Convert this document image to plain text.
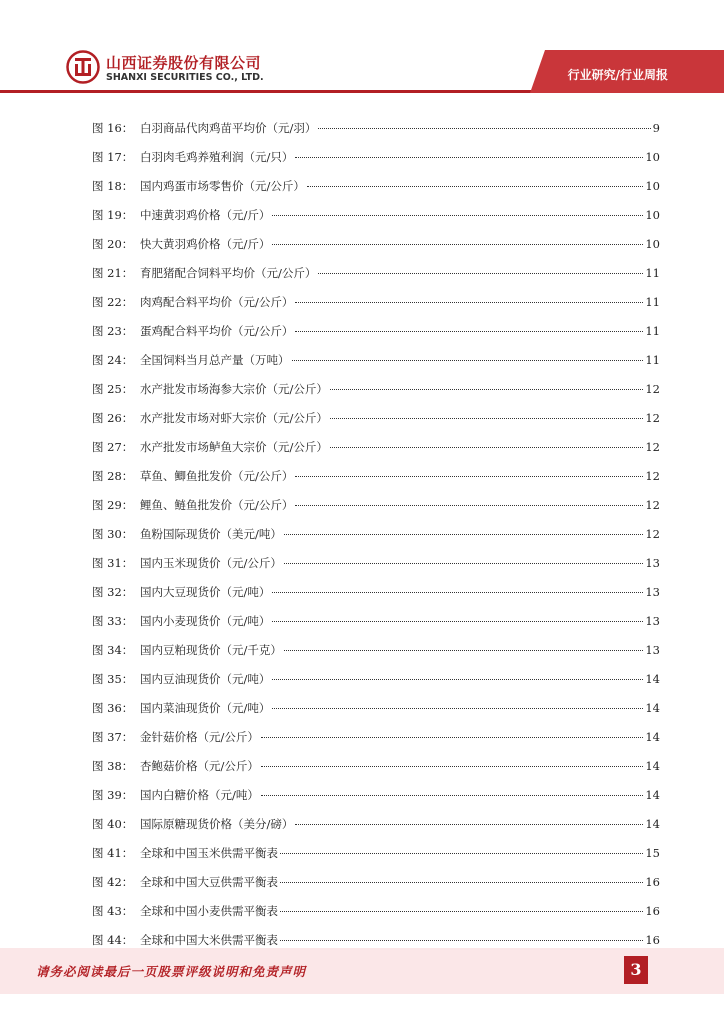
山西证券股份有限公司
SHANXI SECURITIES CO., LTD.	行业研究/行业周报
图 16： 白羽商品代肉鸡苗平均价（元/羽）	9
图 17： 白羽肉毛鸡养殖利润（元/只）	10
图 18： 国内鸡蛋市场零售价（元/公斤）	10
图 19： 中速黄羽鸡价格（元/斤）	10
图 20： 快大黄羽鸡价格（元/斤）	10
图 21： 育肥猪配合饲料平均价（元/公斤）	11
图 22： 肉鸡配合料平均价（元/公斤）	11
图 23： 蛋鸡配合料平均价（元/公斤）	11
图 24： 全国饲料当月总产量（万吨）	11
图 25： 水产批发市场海参大宗价（元/公斤）	12
图 26： 水产批发市场对虾大宗价（元/公斤）	12
图 27： 水产批发市场鲈鱼大宗价（元/公斤）	12
图 28： 草鱼、鲫鱼批发价（元/公斤）	12
图 29： 鲤鱼、鲢鱼批发价（元/公斤）	12
图 30： 鱼粉国际现货价（美元/吨）	12
图 31： 国内玉米现货价（元/公斤）	13
图 32： 国内大豆现货价（元/吨）	13
图 33： 国内小麦现货价（元/吨）	13
图 34： 国内豆粕现货价（元/千克）	13
图 35： 国内豆油现货价（元/吨）	14
图 36： 国内菜油现货价（元/吨）	14
图 37： 金针菇价格（元/公斤）	14
图 38： 杏鲍菇价格（元/公斤）	14
图 39： 国内白糖价格（元/吨）	14
图 40： 国际原糖现货价格（美分/磅）	14
图 41： 全球和中国玉米供需平衡表	15
图 42： 全球和中国大豆供需平衡表	16
图 43： 全球和中国小麦供需平衡表	16
图 44： 全球和中国大米供需平衡表	16
请务必阅读最后一页股票评级说明和免责声明	3
